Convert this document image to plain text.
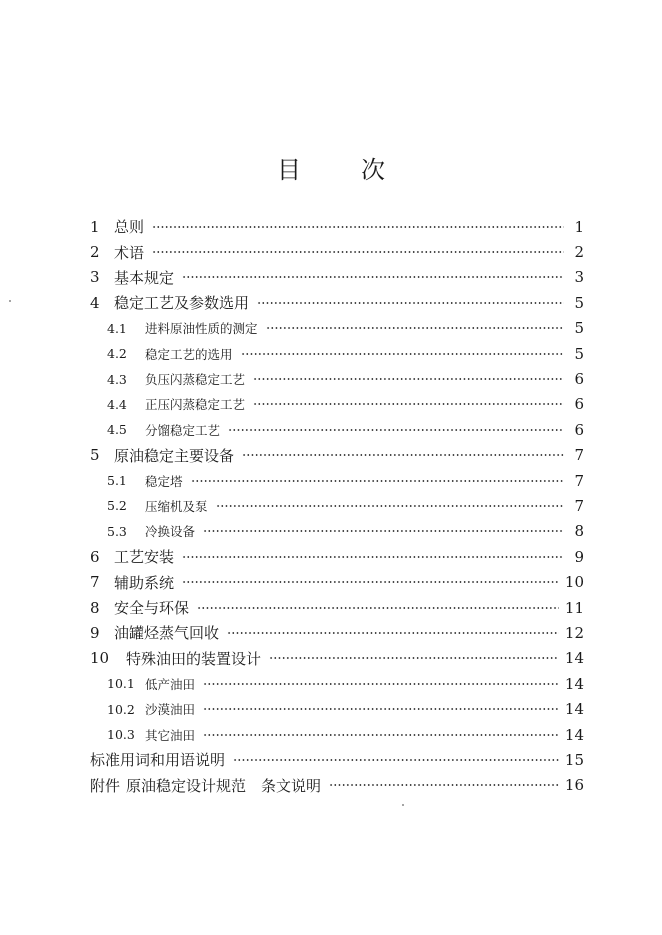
目	次
1 总则	1
2 术语	2
3 基本规定	3
4 稳定工艺及参数选用	5
4.1	进料原油性质的测定	5
4.2	稳定工艺的选用	5
4.3	负压闪蒸稳定工艺	6
4.4	正压闪蒸稳定工艺	6
4.5	分馏稳定工艺	6
5 原油稳定主要设备	7
5.1	稳定塔	7
5.2	压缩机及泵	7
5.3	冷换设备	8
6 工艺安装	9
7 辅助系统	10
8 安全与环保	11
9 油罐烃蒸气回收	12
10	特殊油田的装置设计	14
10.1 低产油田	14
10.2 沙漠油田	14
10.3 其它油田	14
标准用词和用语说明	15
附件 原油稳定设计规范　条文说明	16
